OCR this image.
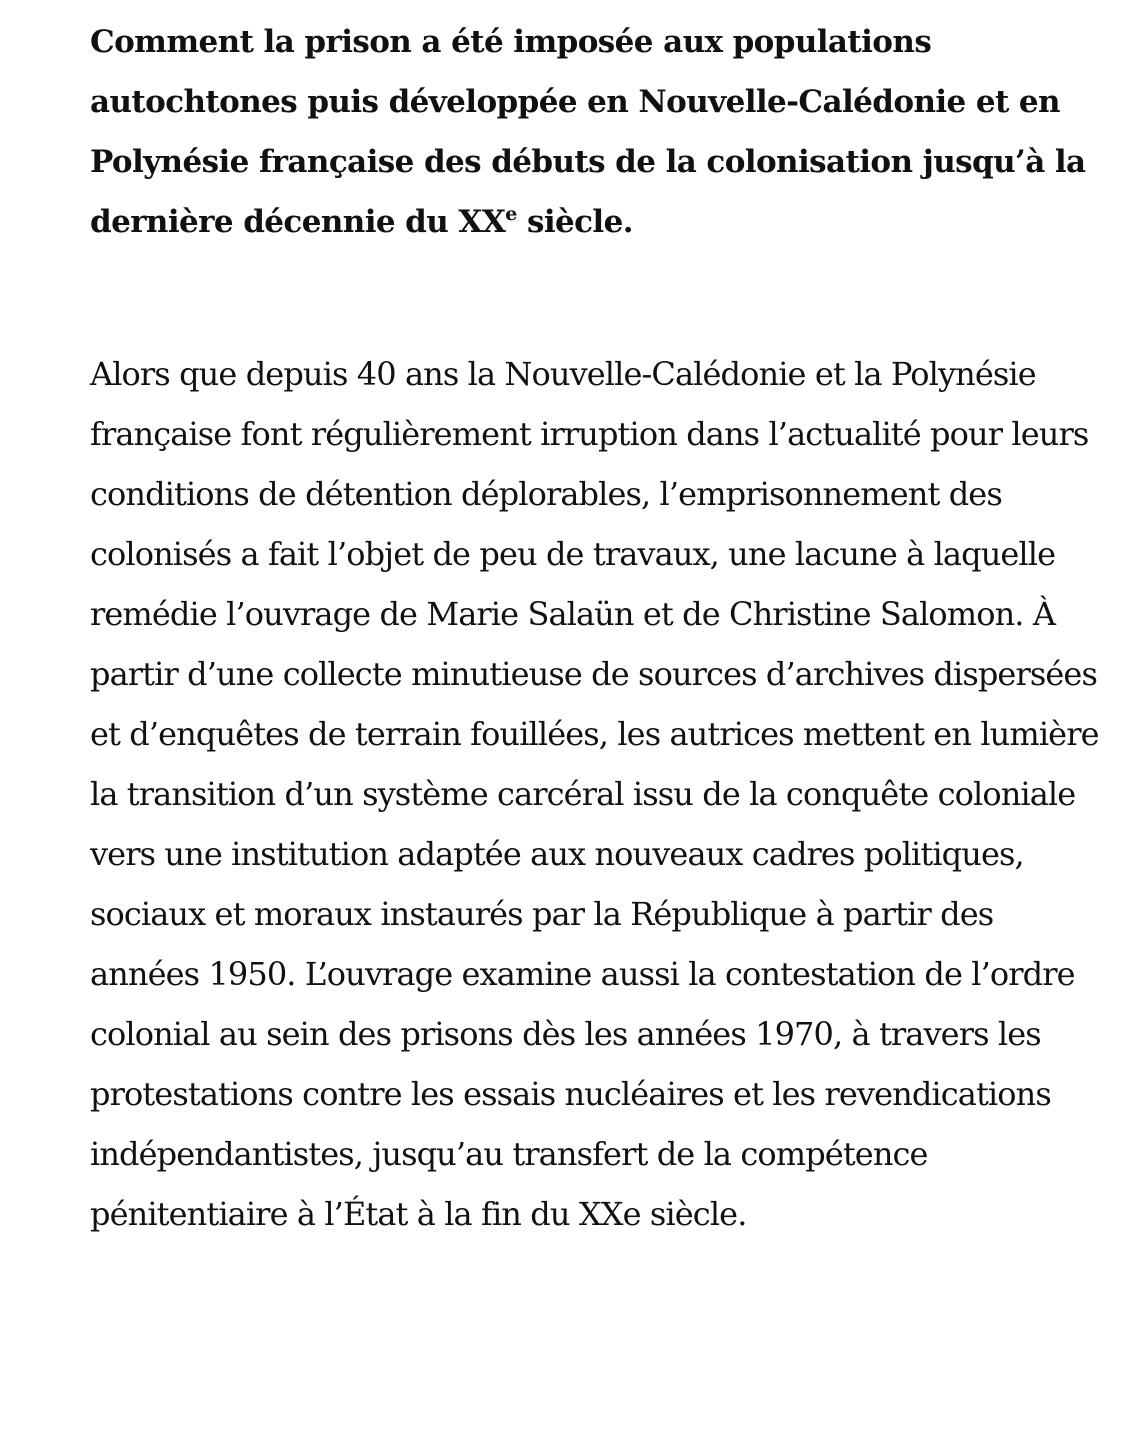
Comment la prison a été imposée aux populations autochtones puis développée en Nouvelle-Calédonie et en Polynésie française des débuts de la colonisation jusqu’à la dernière décennie du XXe siècle.

Alors que depuis 40 ans la Nouvelle-Calédonie et la Polynésie française font régulièrement irruption dans l’actualité pour leurs conditions de détention déplorables, l’emprisonnement des colonisés a fait l’objet de peu de travaux, une lacune à laquelle remédie l’ouvrage de Marie Salaün et de Christine Salomon. À partir d’une collecte minutieuse de sources d’archives dispersées et d’enquêtes de terrain fouillées, les autrices mettent en lumière la transition d’un système carcéral issu de la conquête coloniale vers une institution adaptée aux nouveaux cadres politiques, sociaux et moraux instaurés par la République à partir des années 1950. L’ouvrage examine aussi la contestation de l’ordre colonial au sein des prisons dès les années 1970, à travers les protestations contre les essais nucléaires et les revendications indépendantistes, jusqu’au transfert de la compétence pénitentiaire à l’État à la fin du XXe siècle.
